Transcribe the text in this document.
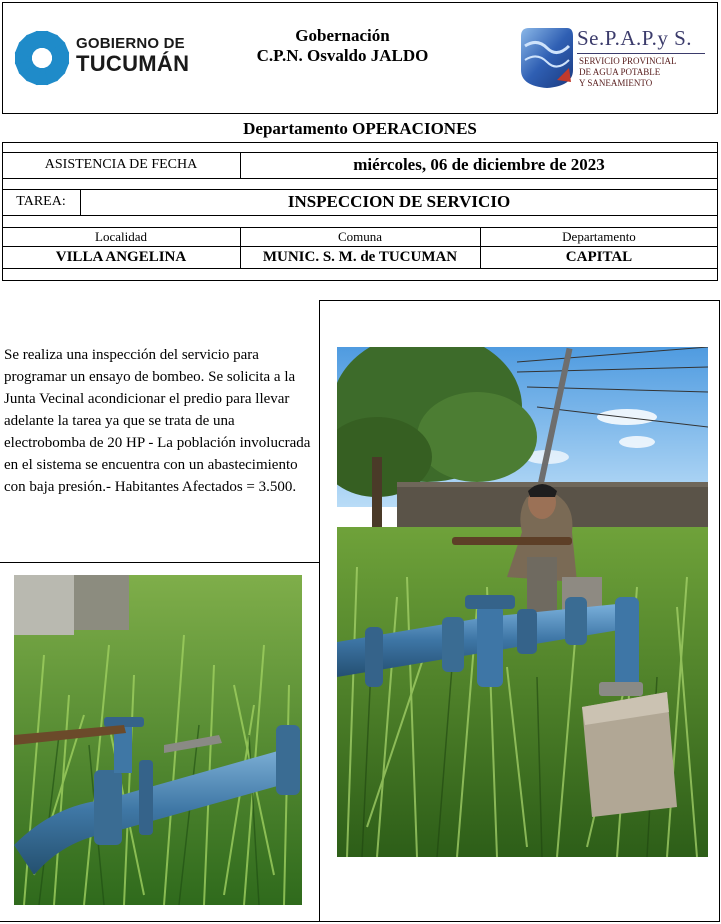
GOBIERNO DE
TUCUMÁN
Gobernación
C.P.N. Osvaldo JALDO
Se.P.A.P.y S.
SERVICIO PROVINCIAL
DE AGUA POTABLE
Y SANEAMIENTO
Departamento OPERACIONES
ASISTENCIA DE FECHA	miércoles, 06 de diciembre de 2023
TAREA:	INSPECCION DE SERVICIO
Localidad	Comuna	Departamento
VILLA ANGELINA	MUNIC. S. M. de TUCUMAN	CAPITAL
Se realiza una inspección del servicio para programar un ensayo de bombeo. Se solicita a la Junta Vecinal acondicionar el predio para llevar adelante la tarea ya que se trata de una electrobomba de 20 HP - La población involucrada en el sistema se encuentra con un abastecimiento con baja presión.- Habitantes Afectados = 3.500.
